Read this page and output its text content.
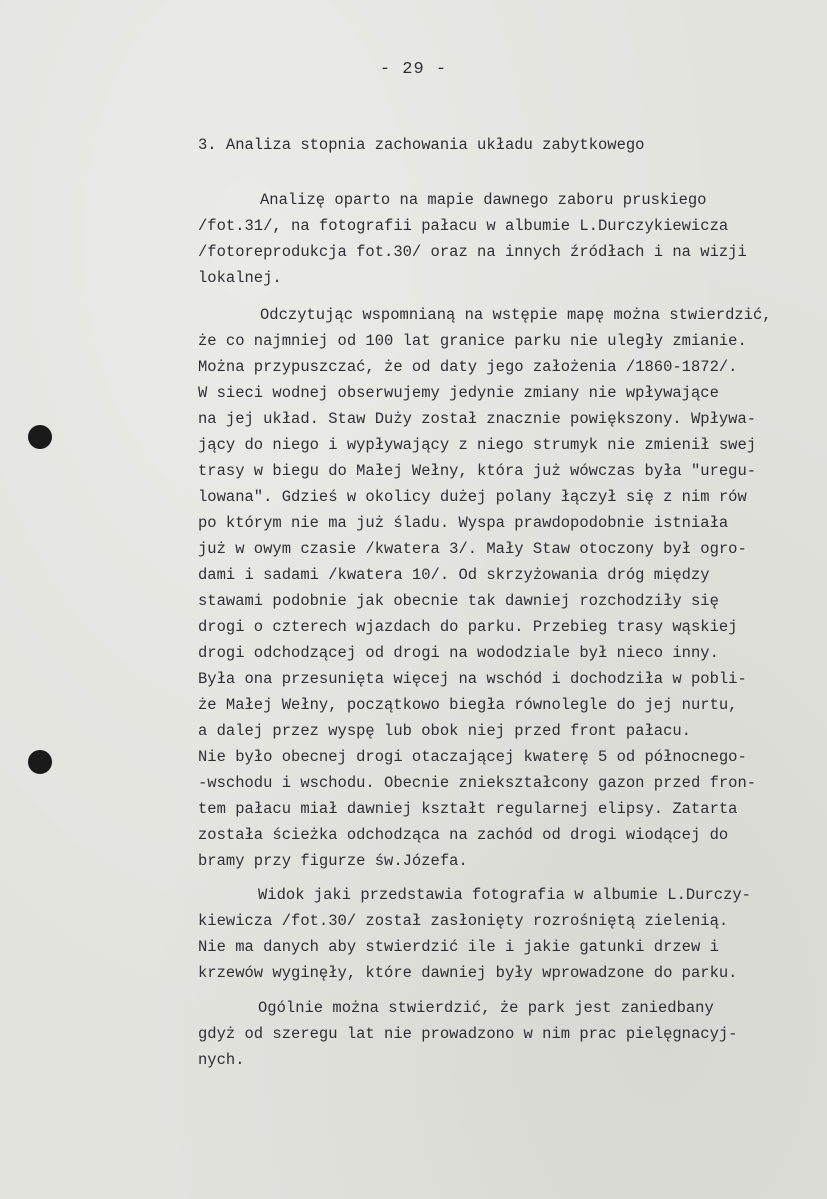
- 29 -
3. Analiza stopnia zachowania układu zabytkowego
Analizę oparto na mapie dawnego zaboru pruskiego
/fot.31/, na fotografii pałacu w albumie L.Durczykiewicza
/fotoreprodukcja fot.30/ oraz na innych źródłach i na wizji
lokalnej.
Odczytując wspomnianą na wstępie mapę można stwierdzić,
że co najmniej od 100 lat granice parku nie uległy zmianie.
Można przypuszczać, że od daty jego założenia /1860-1872/.
W sieci wodnej obserwujemy jedynie zmiany nie wpływające
na jej układ. Staw Duży został znacznie powiększony. Wpływa-
jący do niego i wypływający z niego strumyk nie zmienił swej
trasy w biegu do Małej Wełny, która już wówczas była "uregu-
lowana". Gdzieś w okolicy dużej polany łączył się z nim rów
po którym nie ma już śladu. Wyspa prawdopodobnie istniała
już w owym czasie /kwatera 3/. Mały Staw otoczony był ogro-
dami i sadami /kwatera 10/. Od skrzyżowania dróg między
stawami podobnie jak obecnie tak dawniej rozchodziły się
drogi o czterech wjazdach do parku. Przebieg trasy wąskiej
drogi odchodzącej od drogi na wododziale był nieco inny.
Była ona przesunięta więcej na wschód i dochodziła w pobli-
że Małej Wełny, początkowo biegła równolegle do jej nurtu,
a dalej przez wyspę lub obok niej przed front pałacu.
Nie było obecnej drogi otaczającej kwaterę 5 od północnego-
-wschodu i wschodu. Obecnie zniekształcony gazon przed fron-
tem pałacu miał dawniej kształt regularnej elipsy. Zatarta
została ścieżka odchodząca na zachód od drogi wiodącej do
bramy przy figurze św.Józefa.
Widok jaki przedstawia fotografia w albumie L.Durczy-
kiewicza /fot.30/ został zasłonięty rozrośniętą zielenią.
Nie ma danych aby stwierdzić ile i jakie gatunki drzew i
krzewów wyginęły, które dawniej były wprowadzone do parku.
Ogólnie można stwierdzić, że park jest zaniedbany
gdyż od szeregu lat nie prowadzono w nim prac pielęgnacyj-
nych.
